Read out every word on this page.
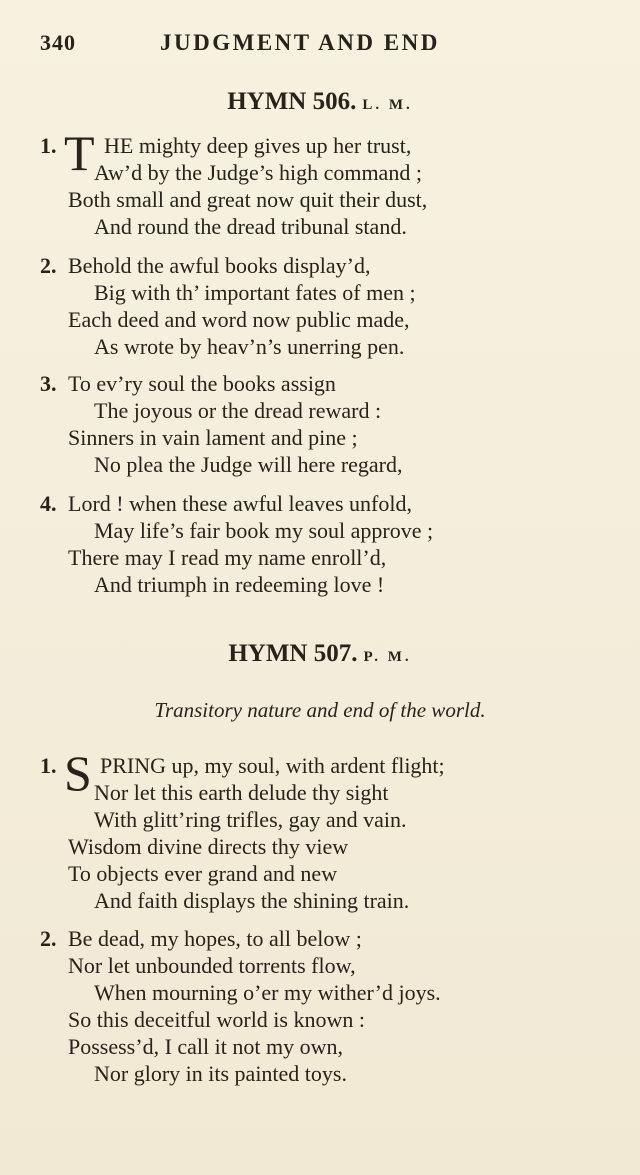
340	JUDGMENT AND END
HYMN 506. L. M.
1. T HE mighty deep gives up her trust,
Aw’d by the Judge’s high command ;
Both small and great now quit their dust,
And round the dread tribunal stand.
2. Behold the awful books display’d,
Big with th’ important fates of men ;
Each deed and word now public made,
As wrote by heav’n’s unerring pen.
3. To ev’ry soul the books assign
The joyous or the dread reward :
Sinners in vain lament and pine ;
No plea the Judge will here regard,
4. Lord ! when these awful leaves unfold,
May life’s fair book my soul approve ;
There may I read my name enroll’d,
And triumph in redeeming love !
HYMN 507. P. M.
Transitory nature and end of the world.
1. S PRING up, my soul, with ardent flight;
Nor let this earth delude thy sight
With glitt’ring trifles, gay and vain.
Wisdom divine directs thy view
To objects ever grand and new
And faith displays the shining train.
2. Be dead, my hopes, to all below ;
Nor let unbounded torrents flow,
When mourning o’er my wither’d joys.
So this deceitful world is known :
Possess’d, I call it not my own,
Nor glory in its painted toys.
